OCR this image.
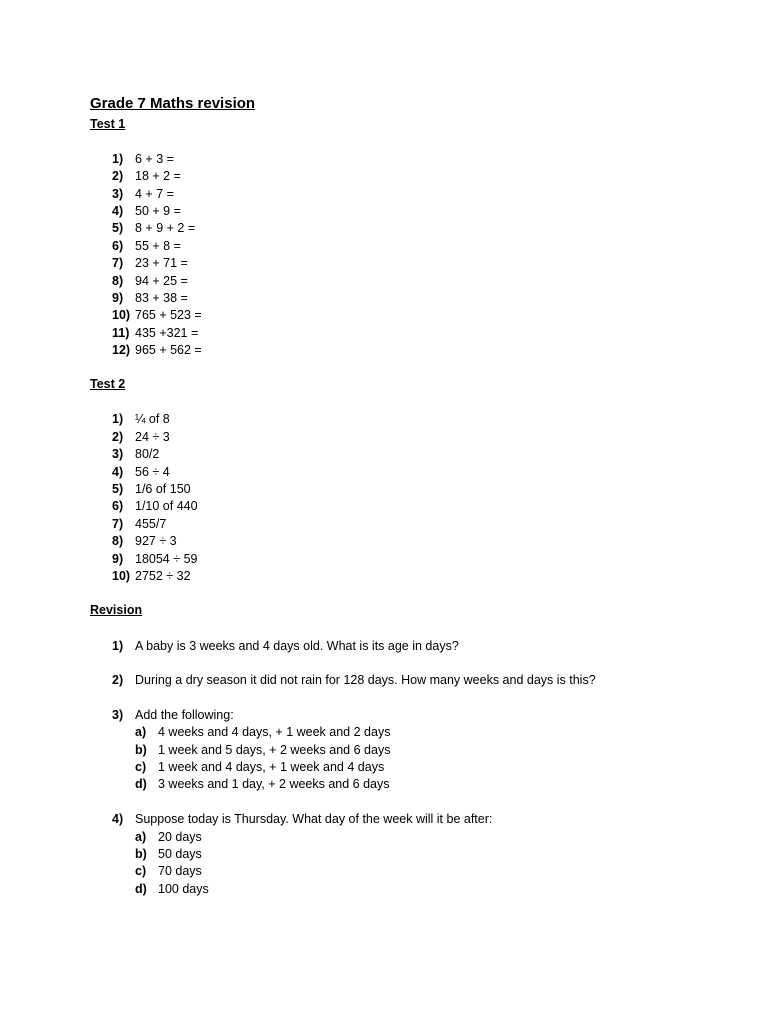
Grade 7 Maths revision
Test 1
1) 6 + 3 =
2) 18 + 2 =
3) 4 + 7 =
4) 50 + 9 =
5) 8 + 9 + 2 =
6) 55 + 8 =
7) 23 + 71 =
8) 94 + 25 =
9) 83 + 38 =
10) 765 + 523 =
11) 435 +321 =
12) 965 + 562 =
Test 2
1) ¼ of 8
2) 24 ÷ 3
3) 80/2
4) 56 ÷ 4
5) 1/6 of 150
6) 1/10 of 440
7) 455/7
8) 927 ÷ 3
9) 18054 ÷ 59
10) 2752 ÷ 32
Revision
1) A baby is 3 weeks and 4 days old. What is its age in days?
2) During a dry season it did not rain for 128 days. How many weeks and days is this?
3) Add the following:
a) 4 weeks and 4 days, + 1 week and 2 days
b) 1 week and 5 days, + 2 weeks and 6 days
c) 1 week and 4 days, + 1 week and 4 days
d) 3 weeks and 1 day, + 2 weeks and 6 days
4) Suppose today is Thursday. What day of the week will it be after:
a) 20 days
b) 50 days
c) 70 days
d) 100 days
